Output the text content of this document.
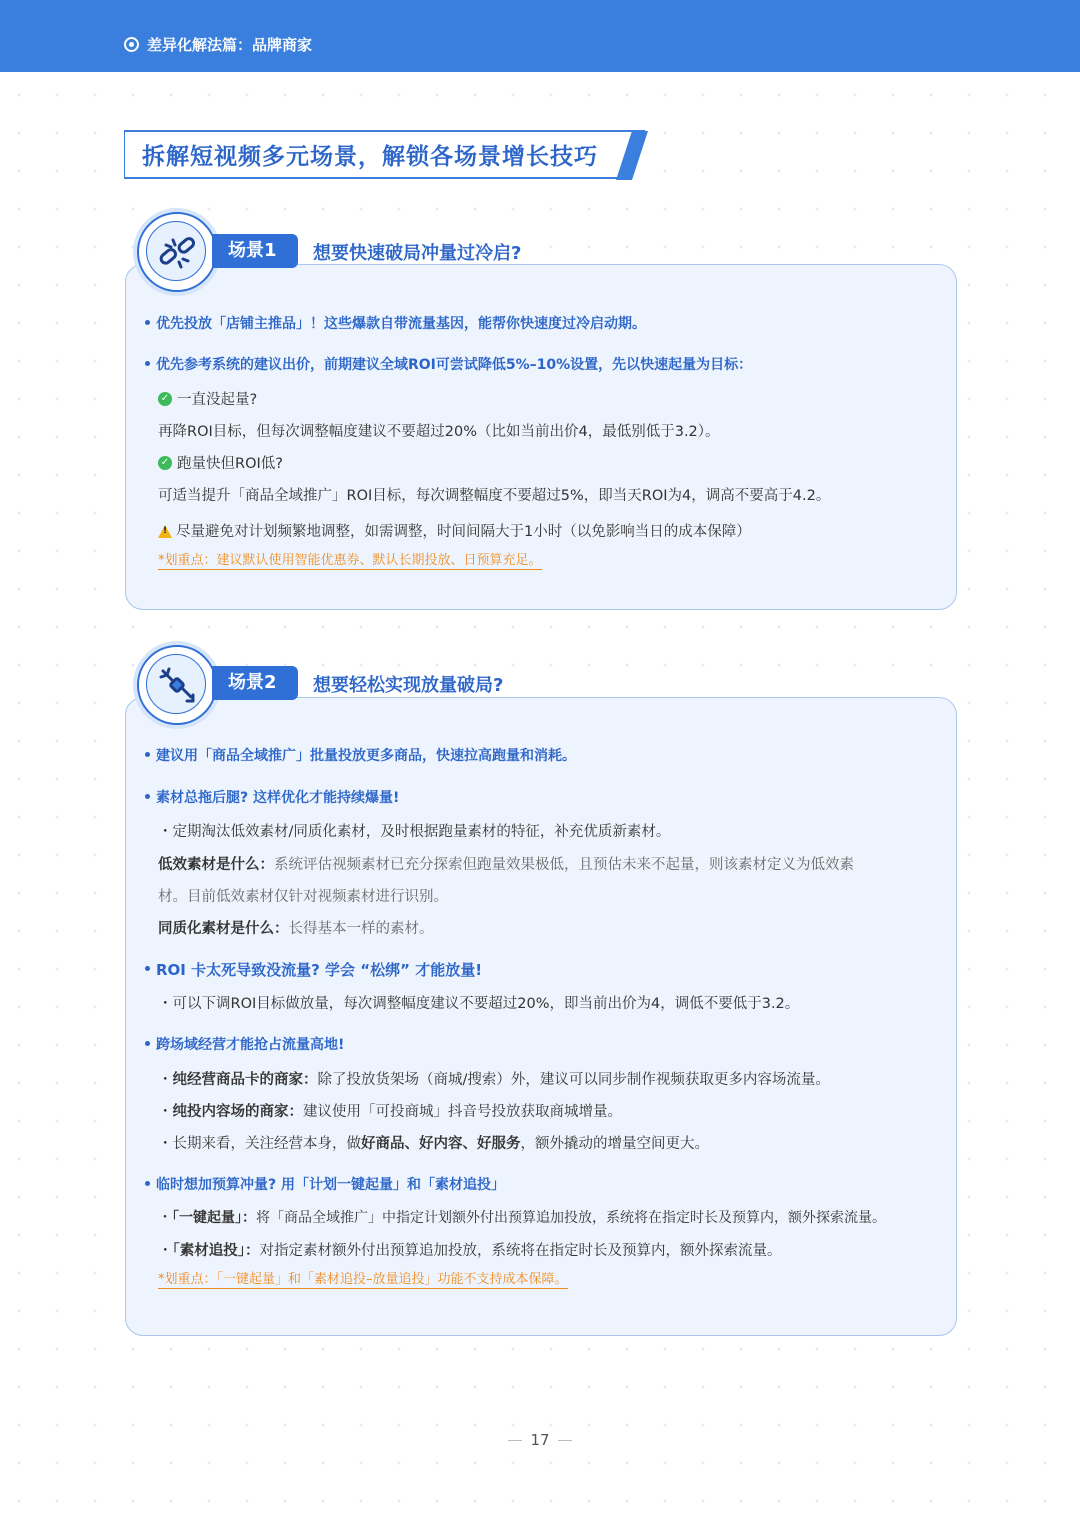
差异化解法篇：品牌商家
拆解短视频多元场景，解锁各场景增长技巧
场景1	想要快速破局冲量过冷启?
优先投放「店铺主推品」！这些爆款自带流量基因，能帮你快速度过冷启动期。
优先参考系统的建议出价，前期建议全域ROI可尝试降低5%–10%设置，先以快速起量为目标：
✓ 一直没起量?
再降ROI目标，但每次调整幅度建议不要超过20%（比如当前出价4，最低别低于3.2）。
✓ 跑量快但ROI低?
可适当提升「商品全域推广」ROI目标，每次调整幅度不要超过5%，即当天ROI为4，调高不要高于4.2。
!尽量避免对计划频繁地调整，如需调整，时间间隔大于1小时（以免影响当日的成本保障）
*划重点：建议默认使用智能优惠券、默认长期投放、日预算充足。
场景2	想要轻松实现放量破局?
建议用「商品全域推广」批量投放更多商品，快速拉高跑量和消耗。
素材总拖后腿? 这样优化才能持续爆量!
・定期淘汰低效素材/同质化素材，及时根据跑量素材的特征，补充优质新素材。
低效素材是什么：系统评估视频素材已充分探索但跑量效果极低，且预估未来不起量，则该素材定义为低效素
材。目前低效素材仅针对视频素材进行识别。
同质化素材是什么：长得基本一样的素材。
ROI 卡太死导致没流量? 学会 “松绑” 才能放量!
・可以下调ROI目标做放量，每次调整幅度建议不要超过20%，即当前出价为4，调低不要低于3.2。
跨场域经营才能抢占流量高地!
・纯经营商品卡的商家：除了投放货架场（商城/搜索）外，建议可以同步制作视频获取更多内容场流量。
・纯投内容场的商家：建议使用「可投商城」抖音号投放获取商城增量。
・长期来看，关注经营本身，做好商品、好内容、好服务，额外撬动的增量空间更大。
临时想加预算冲量? 用「计划一键起量」和「素材追投」
・「一键起量」：将「商品全域推广」中指定计划额外付出预算追加投放，系统将在指定时长及预算内，额外探索流量。
・「素材追投」：对指定素材额外付出预算追加投放，系统将在指定时长及预算内，额外探索流量。
*划重点：「一键起量」和「素材追投–放量追投」功能不支持成本保障。
17
